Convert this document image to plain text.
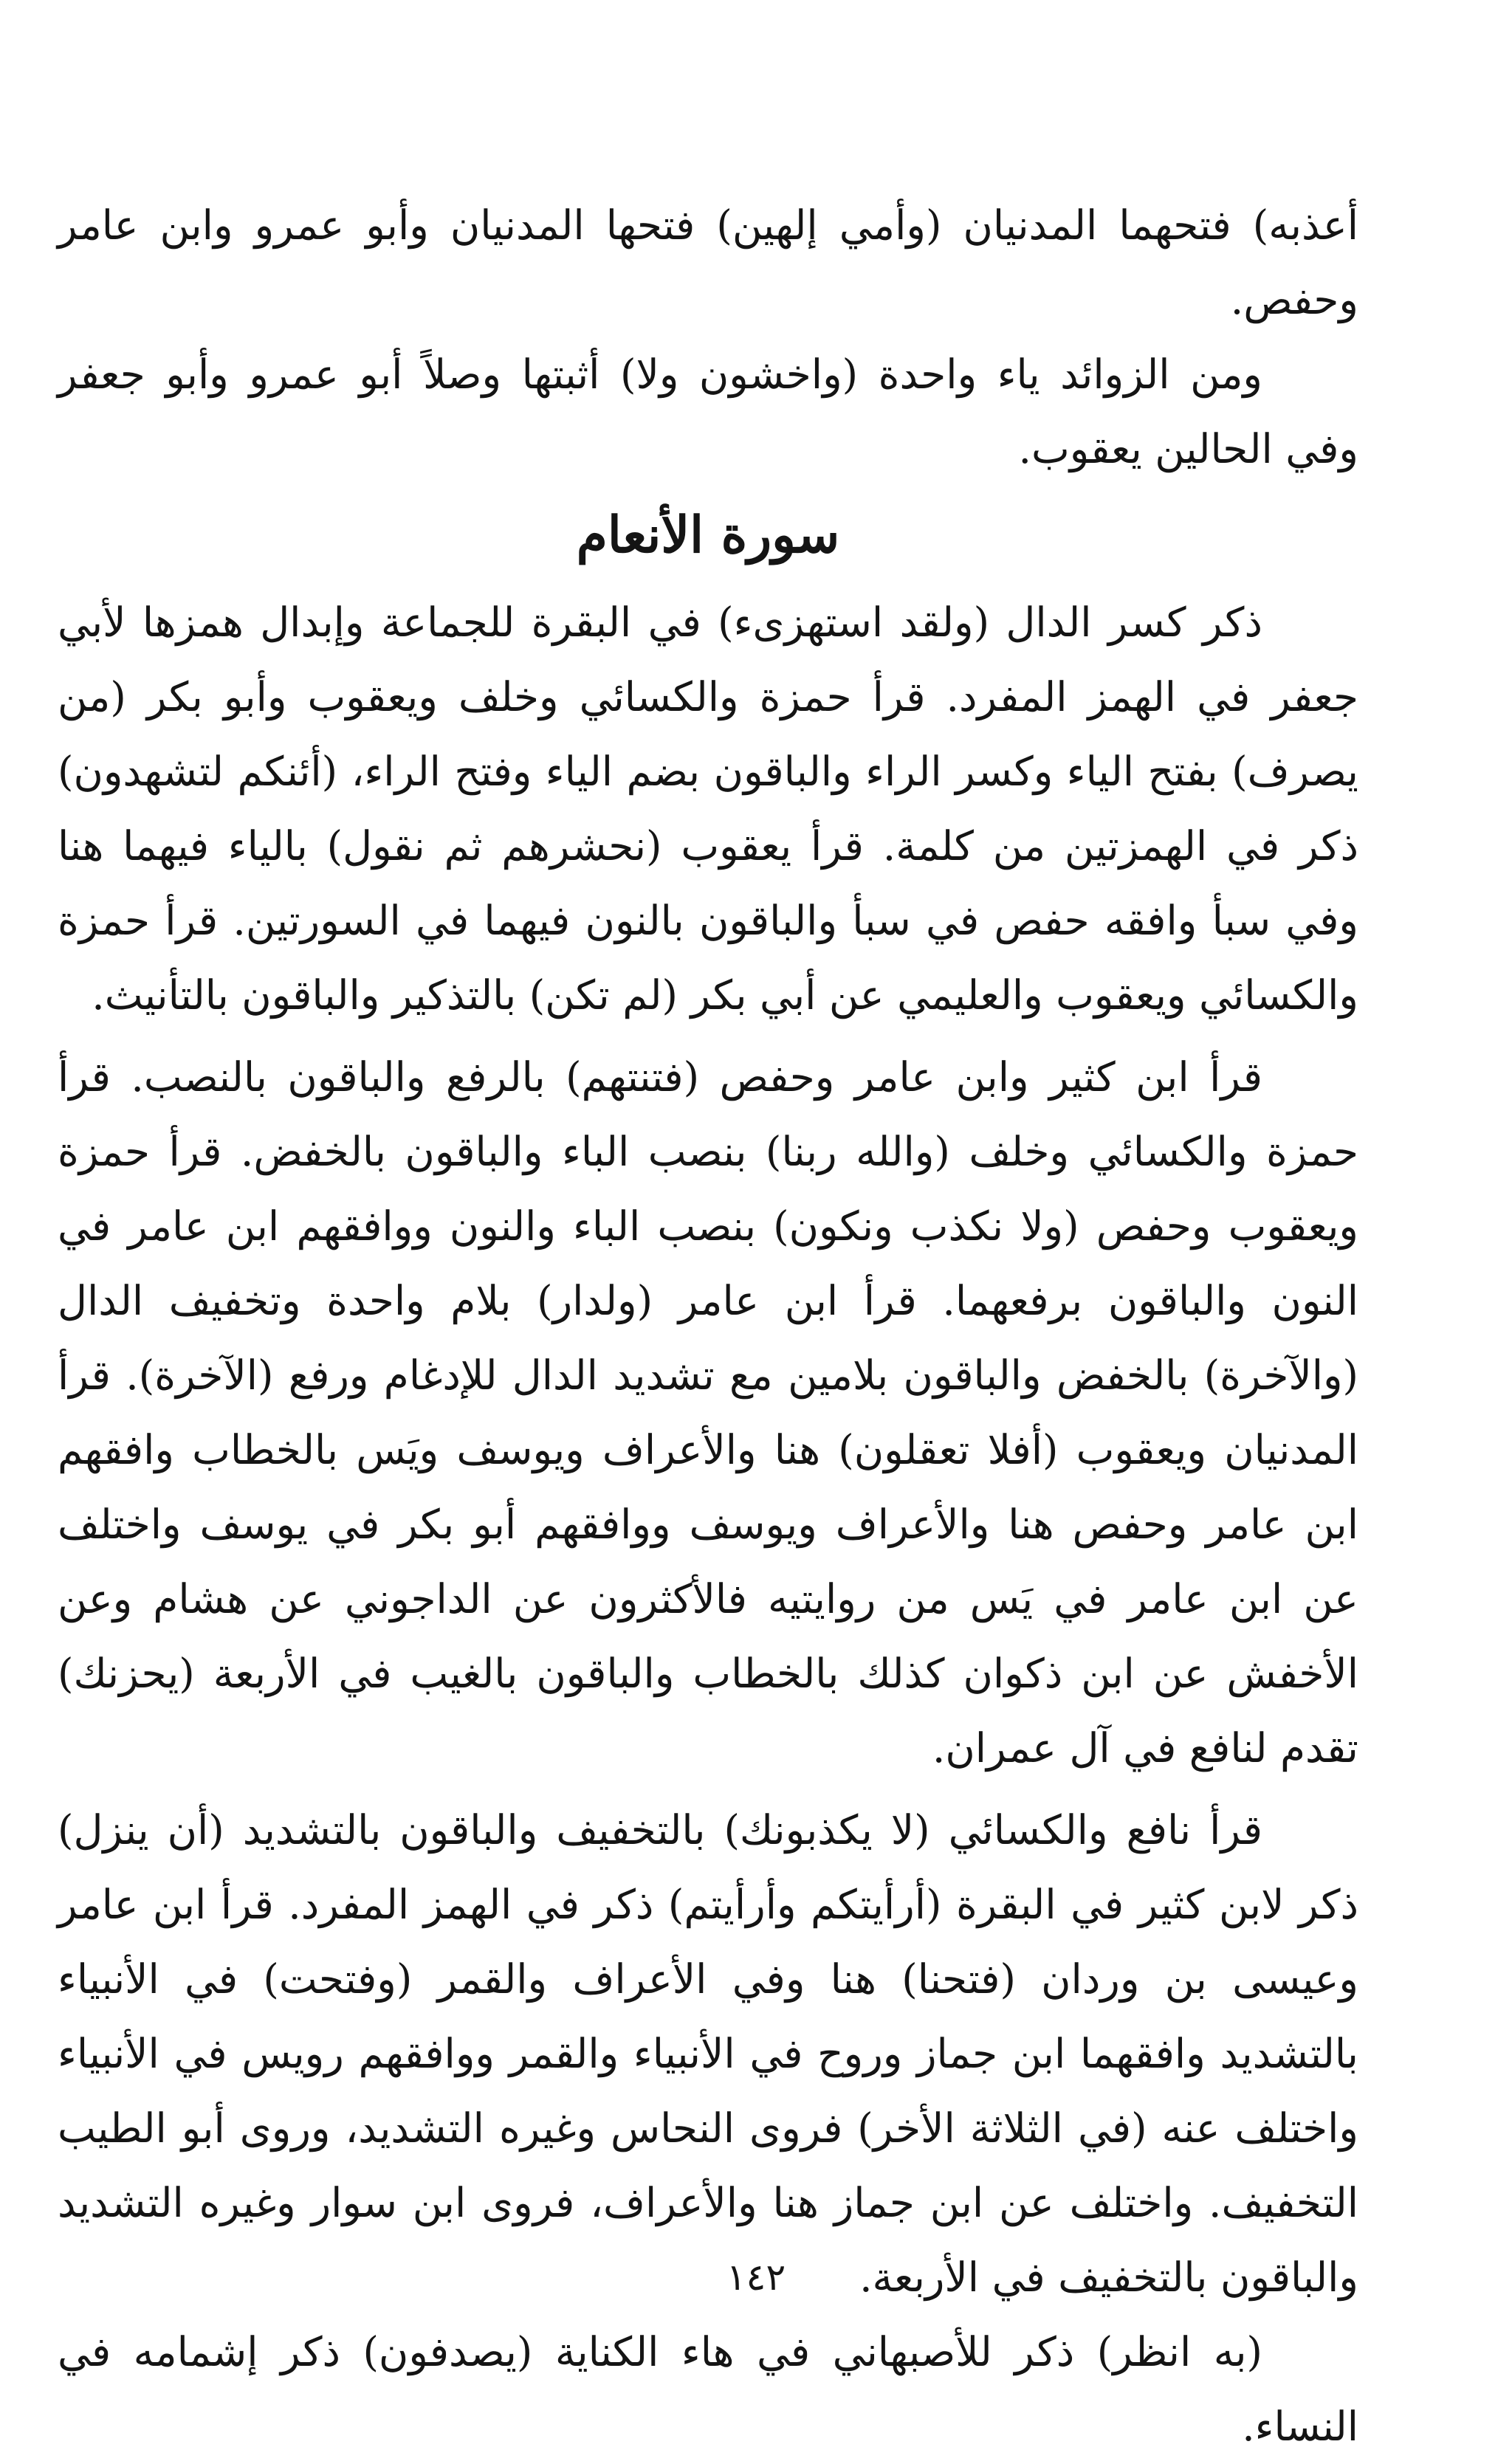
أعذبه) فتحهما المدنيان (وأمي إلهين) فتحها المدنيان وأبو عمرو وابن عامر وحفص.

ومن الزوائد ياء واحدة (واخشون ولا) أثبتها وصلاً أبو عمرو وأبو جعفر وفي الحالين يعقوب.

سورة الأنعام

ذكر كسر الدال (ولقد استهزىء) في البقرة للجماعة وإبدال همزها لأبي جعفر في الهمز المفرد. قرأ حمزة والكسائي وخلف ويعقوب وأبو بكر (من يصرف) بفتح الياء وكسر الراء والباقون بضم الياء وفتح الراء، (أئنكم لتشهدون) ذكر في الهمزتين من كلمة. قرأ يعقوب (نحشرهم ثم نقول) بالياء فيهما هنا وفي سبأ وافقه حفص في سبأ والباقون بالنون فيهما في السورتين. قرأ حمزة والكسائي ويعقوب والعليمي عن أبي بكر (لم تكن) بالتذكير والباقون بالتأنيث.

قرأ ابن كثير وابن عامر وحفص (فتنتهم) بالرفع والباقون بالنصب. قرأ حمزة والكسائي وخلف (والله ربنا) بنصب الباء والباقون بالخفض. قرأ حمزة ويعقوب وحفص (ولا نكذب ونكون) بنصب الباء والنون ووافقهم ابن عامر في النون والباقون برفعهما. قرأ ابن عامر (ولدار) بلام واحدة وتخفيف الدال (والآخرة) بالخفض والباقون بلامين مع تشديد الدال للإدغام ورفع (الآخرة). قرأ المدنيان ويعقوب (أفلا تعقلون) هنا والأعراف ويوسف ويَس بالخطاب وافقهم ابن عامر وحفص هنا والأعراف ويوسف ووافقهم أبو بكر في يوسف واختلف عن ابن عامر في يَس من روايتيه فالأكثرون عن الداجوني عن هشام وعن الأخفش عن ابن ذكوان كذلك بالخطاب والباقون بالغيب في الأربعة (يحزنك) تقدم لنافع في آل عمران.

قرأ نافع والكسائي (لا يكذبونك) بالتخفيف والباقون بالتشديد (أن ينزل) ذكر لابن كثير في البقرة (أرأيتكم وأرأيتم) ذكر في الهمز المفرد. قرأ ابن عامر وعيسى بن وردان (فتحنا) هنا وفي الأعراف والقمر (وفتحت) في الأنبياء بالتشديد وافقهما ابن جماز وروح في الأنبياء والقمر ووافقهم رويس في الأنبياء واختلف عنه (في الثلاثة الأخر) فروى النحاس وغيره التشديد، وروى أبو الطيب التخفيف. واختلف عن ابن جماز هنا والأعراف، فروى ابن سوار وغيره التشديد والباقون بالتخفيف في الأربعة.

(به انظر) ذكر للأصبهاني في هاء الكناية (يصدفون) ذكر إشمامه في النساء.

١٤٢
